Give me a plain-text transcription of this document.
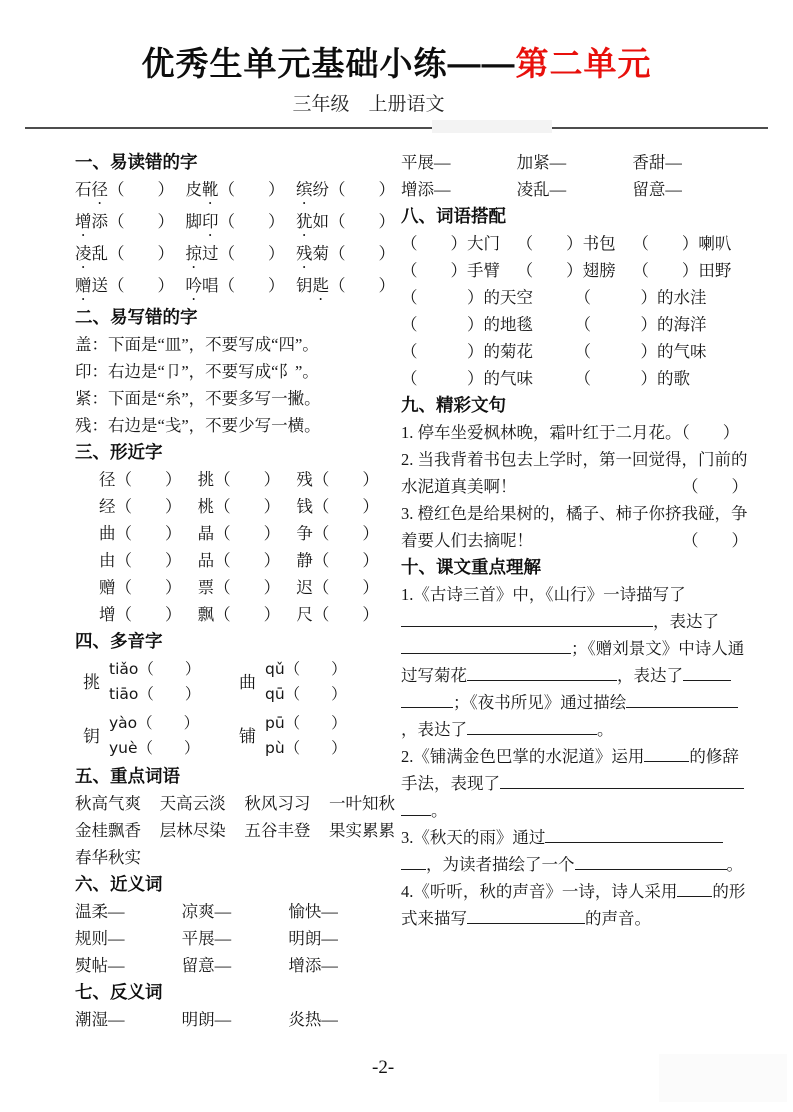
优秀生单元基础小练——第二单元
三年级　上册语文
一、易读错的字
石径（　　） 皮靴（　　） 缤纷（　　）
增添（　　） 脚印（　　） 犹如（　　）
凌乱（　　） 掠过（　　） 残菊（　　）
赠送（　　） 吟唱（　　） 钥匙（　　）
二、易写错的字

盖：下面是“皿”，不要写成“四”。

印：右边是“卩”，不要写成“阝”。

紧：下面是“糸”，不要多写一撇。

残：右边是“戋”，不要少写一横。

三、形近字
径（　　） 挑（　　） 残（　　）
经（　　） 桃（　　） 钱（　　）
曲（　　） 晶（　　） 争（　　）
由（　　） 品（　　） 静（　　）
赠（　　） 票（　　） 迟（　　）
增（　　） 飘（　　） 尺（　　）
四、多音字
挑
tiǎo（　　）
tiāo（　　）
曲
qǔ（　　）
qū（　　）
钥
yào（　　）
yuè（　　）
铺
pū（　　）
pù（　　）
五、重点词语
秋高气爽 天高云淡 秋风习习 一叶知秋
金桂飘香 层林尽染 五谷丰登 果实累累
春华秋实
六、近义词
温柔—	凉爽—	愉快—
规则—	平展—	明朗—
熨帖—	留意—	增添—
七、反义词
潮湿—	明朗—	炎热—
平展—	加紧—	香甜—
增添—	凌乱—	留意—
八、词语搭配
（　　）大门	（　　）书包	（　　）喇叭
（　　）手臂	（　　）翅膀	（　　）田野
（　　　）的天空	（　　　）的水洼
（　　　）的地毯	（　　　）的海洋
（　　　）的菊花	（　　　）的气味
（　　　）的气味	（　　　）的歌
九、精彩文句

1. 停车坐爱枫林晚，霜叶红于二月花。（　　）

2. 当我背着书包去上学时，第一回觉得，门前的水泥道真美啊！	（　　）

3. 橙红色是给果树的，橘子、柿子你挤我碰，争着要人们去摘呢！	（　　）

十、课文重点理解

1.《古诗三首》中，《山行》一诗描写了，表达了；《赠刘景文》中诗人通过写菊花	，表达了；《夜书所见》通过描绘，表达了	。

2.《铺满金色巴掌的水泥道》运用	的修辞手法，表现了。

3.《秋天的雨》通过，为读者描绘了一个	。

4.《听听，秋的声音》一诗，诗人采用 的形式来描写	的声音。

-2-
